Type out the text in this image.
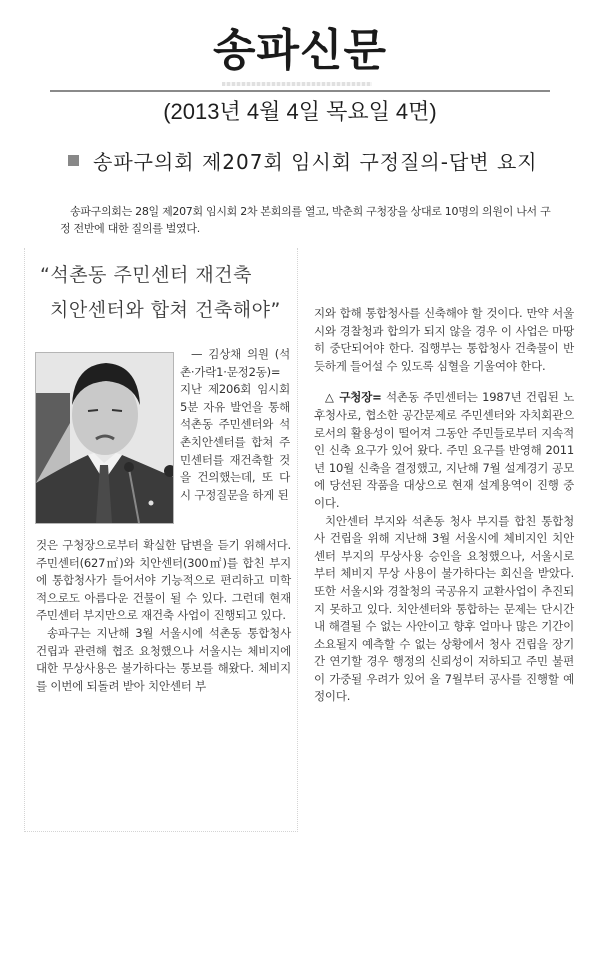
송파신문
(2013년 4월 4일 목요일 4면)
송파구의회 제207회 임시회 구정질의-답변 요지
송파구의회는 28일 제207회 임시회 2차 본회의를 열고, 박춘희 구청장을 상대로 10명의 의원이 나서 구정 전반에 대한 질의를 벌였다.
“석촌동 주민센터 재건축
치안센터와 합쳐 건축해야”

— 김상채 의원 (석촌·가락1·문정2동)= 지난 제206회 임시회 5분 자유 발언을 통해 석촌동 주민센터와 석촌치안센터를 합쳐 주민센터를 재건축할 것을 건의했는데, 또 다시 구정질문을 하게 된

것은 구청장으로부터 확실한 답변을 듣기 위해서다. 주민센터(627㎡)와 치안센터(300㎡)를 합친 부지에 통합청사가 들어서야 기능적으로 편리하고 미학적으로도 아름다운 건물이 될 수 있다. 그런데 현재 주민센터 부지만으로 재건축 사업이 진행되고 있다.

송파구는 지난해 3월 서울시에 석촌동 통합청사 건립과 관련해 협조 요청했으나 서울시는 체비지에 대한 무상사용은 불가하다는 통보를 해왔다. 체비지를 이번에 되돌려 받아 치안센터 부

지와 합해 통합청사를 신축해야 할 것이다. 만약 서울시와 경찰청과 합의가 되지 않을 경우 이 사업은 마땅히 중단되어야 한다. 집행부는 통합청사 건축물이 반듯하게 들어설 수 있도록 심혈을 기울여야 한다.

△ 구청장= 석촌동 주민센터는 1987년 건립된 노후청사로, 협소한 공간문제로 주민센터와 자치회관으로서의 활용성이 떨어져 그동안 주민들로부터 지속적인 신축 요구가 있어 왔다. 주민 요구를 반영해 2011년 10월 신축을 결정했고, 지난해 7월 설계경기 공모에 당선된 작품을 대상으로 현재 설계용역이 진행 중이다.

치안센터 부지와 석촌동 청사 부지를 합친 통합청사 건립을 위해 지난해 3월 서울시에 체비지인 치안센터 부지의 무상사용 승인을 요청했으나, 서울시로부터 체비지 무상 사용이 불가하다는 회신을 받았다. 또한 서울시와 경찰청의 국공유지 교환사업이 추진되지 못하고 있다. 치안센터와 통합하는 문제는 단시간내 해결될 수 없는 사안이고 향후 얼마나 많은 기간이 소요될지 예측할 수 없는 상황에서 청사 건립을 장기간 연기할 경우 행정의 신뢰성이 저하되고 주민 불편이 가중될 우려가 있어 올 7월부터 공사를 진행할 예정이다.
